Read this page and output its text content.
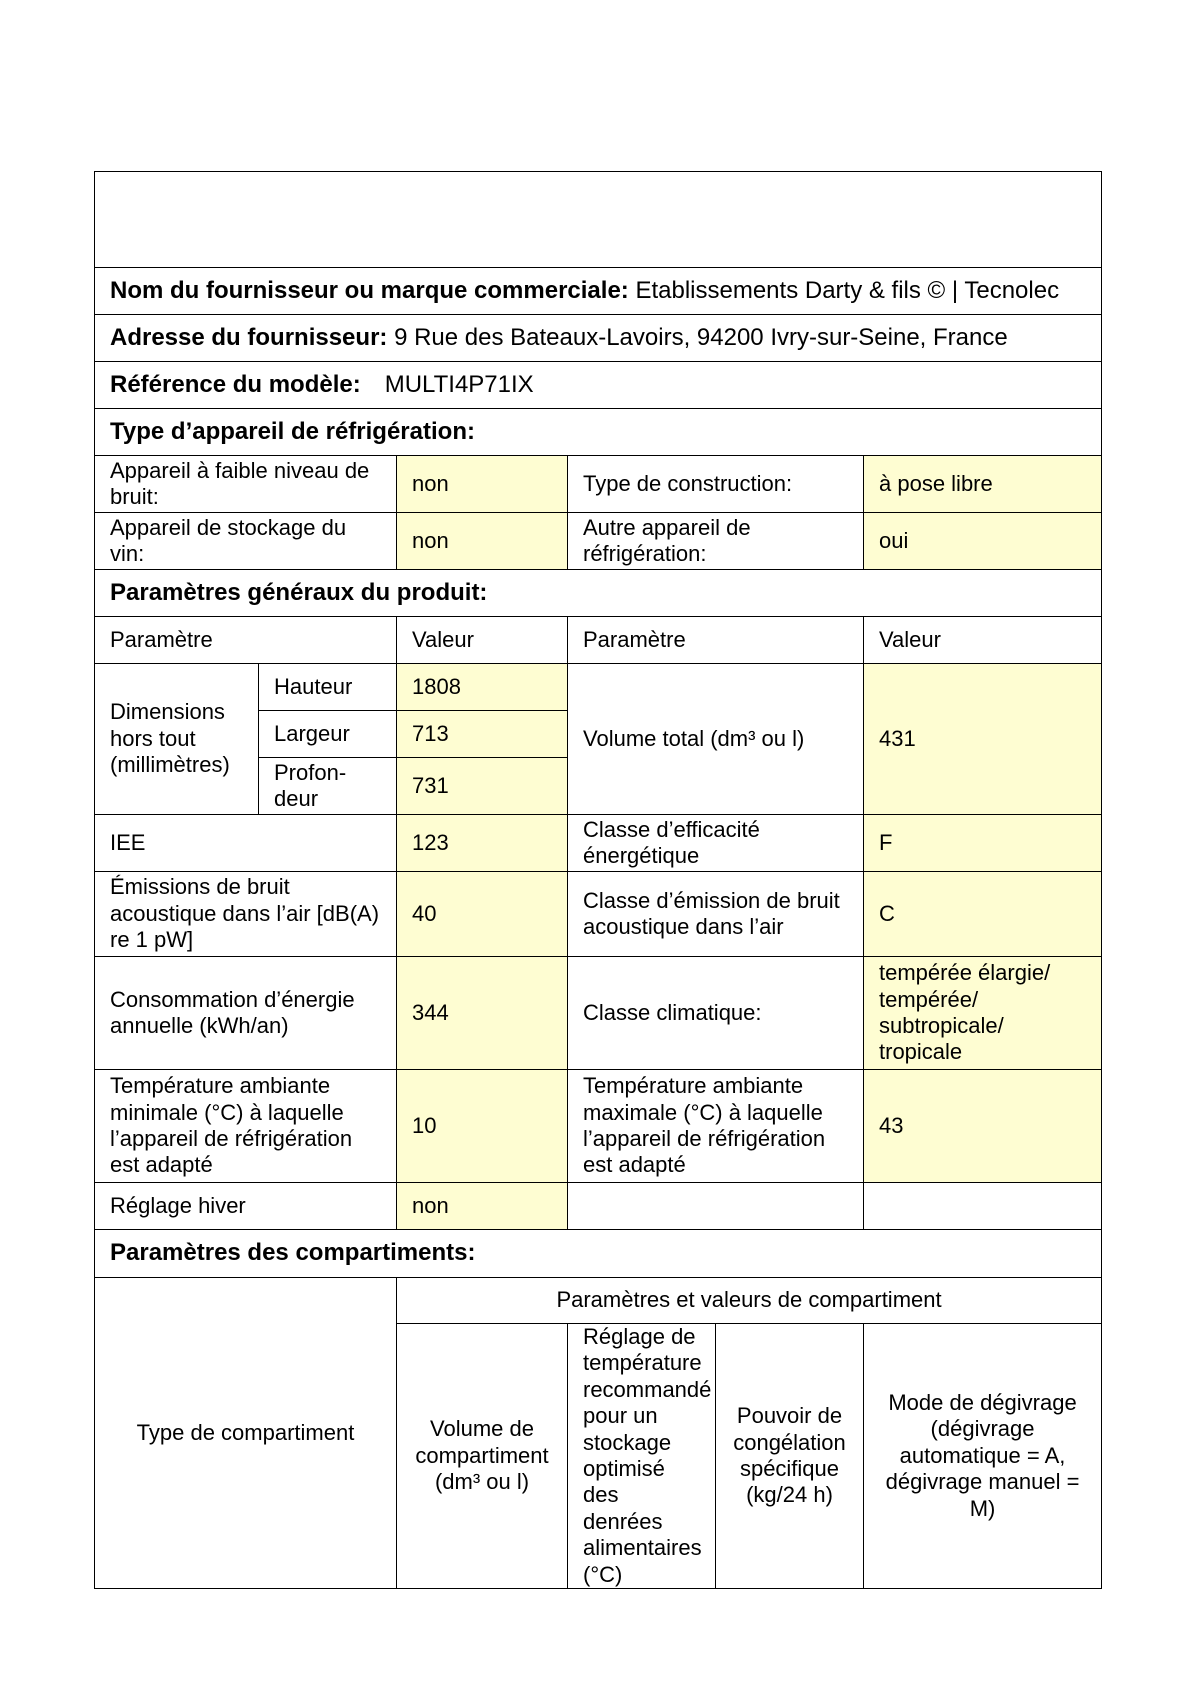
Nom du fournisseur ou marque commerciale: Etablissements Darty & fils © | Tecnolec					
Adresse du fournisseur: 9 Rue des Bateaux-Lavoirs, 94200 Ivry-sur-Seine, France					
Référence du modèle: MULTI4P71IX					
Type d’appareil de réfrigération:					
Appareil à faible niveau de bruit:		non	Type de construction:		à pose libre
Appareil de stockage du vin:		non	Autre appareil de réfrigération:		oui
Paramètres généraux du produit:					
Paramètre		Valeur	Paramètre		Valeur
Dimensions hors tout (millimètres)	Hauteur	1808	Volume total (dm³ ou l)		431
	Largeur	713			
	Profon-deur	731			
IEE		123	Classe d’efficacité énergétique		F
Émissions de bruit acoustique dans l’air [dB(A) re 1 pW]		40	Classe d’émission de bruit acoustique dans l’air		C
Consommation d’énergie annuelle (kWh/an)		344	Classe climatique:		tempérée élargie/ tempérée/ subtropicale/ tropicale
Température ambiante minimale (°C) à laquelle l’appareil de réfrigération est adapté		10	Température ambiante maximale (°C) à laquelle l’appareil de réfrigération est adapté		43
Réglage hiver		non			
Paramètres des compartiments:					
Type de compartiment		Paramètres et valeurs de compartiment			
		Volume de compartiment (dm³ ou l)	Réglage de température recommandé pour un stockage optimisé des denrées alimentaires (°C)	Pouvoir de congélation spécifique (kg/24 h)	Mode de dégivrage (dégivrage automatique = A, dégivrage manuel = M)
